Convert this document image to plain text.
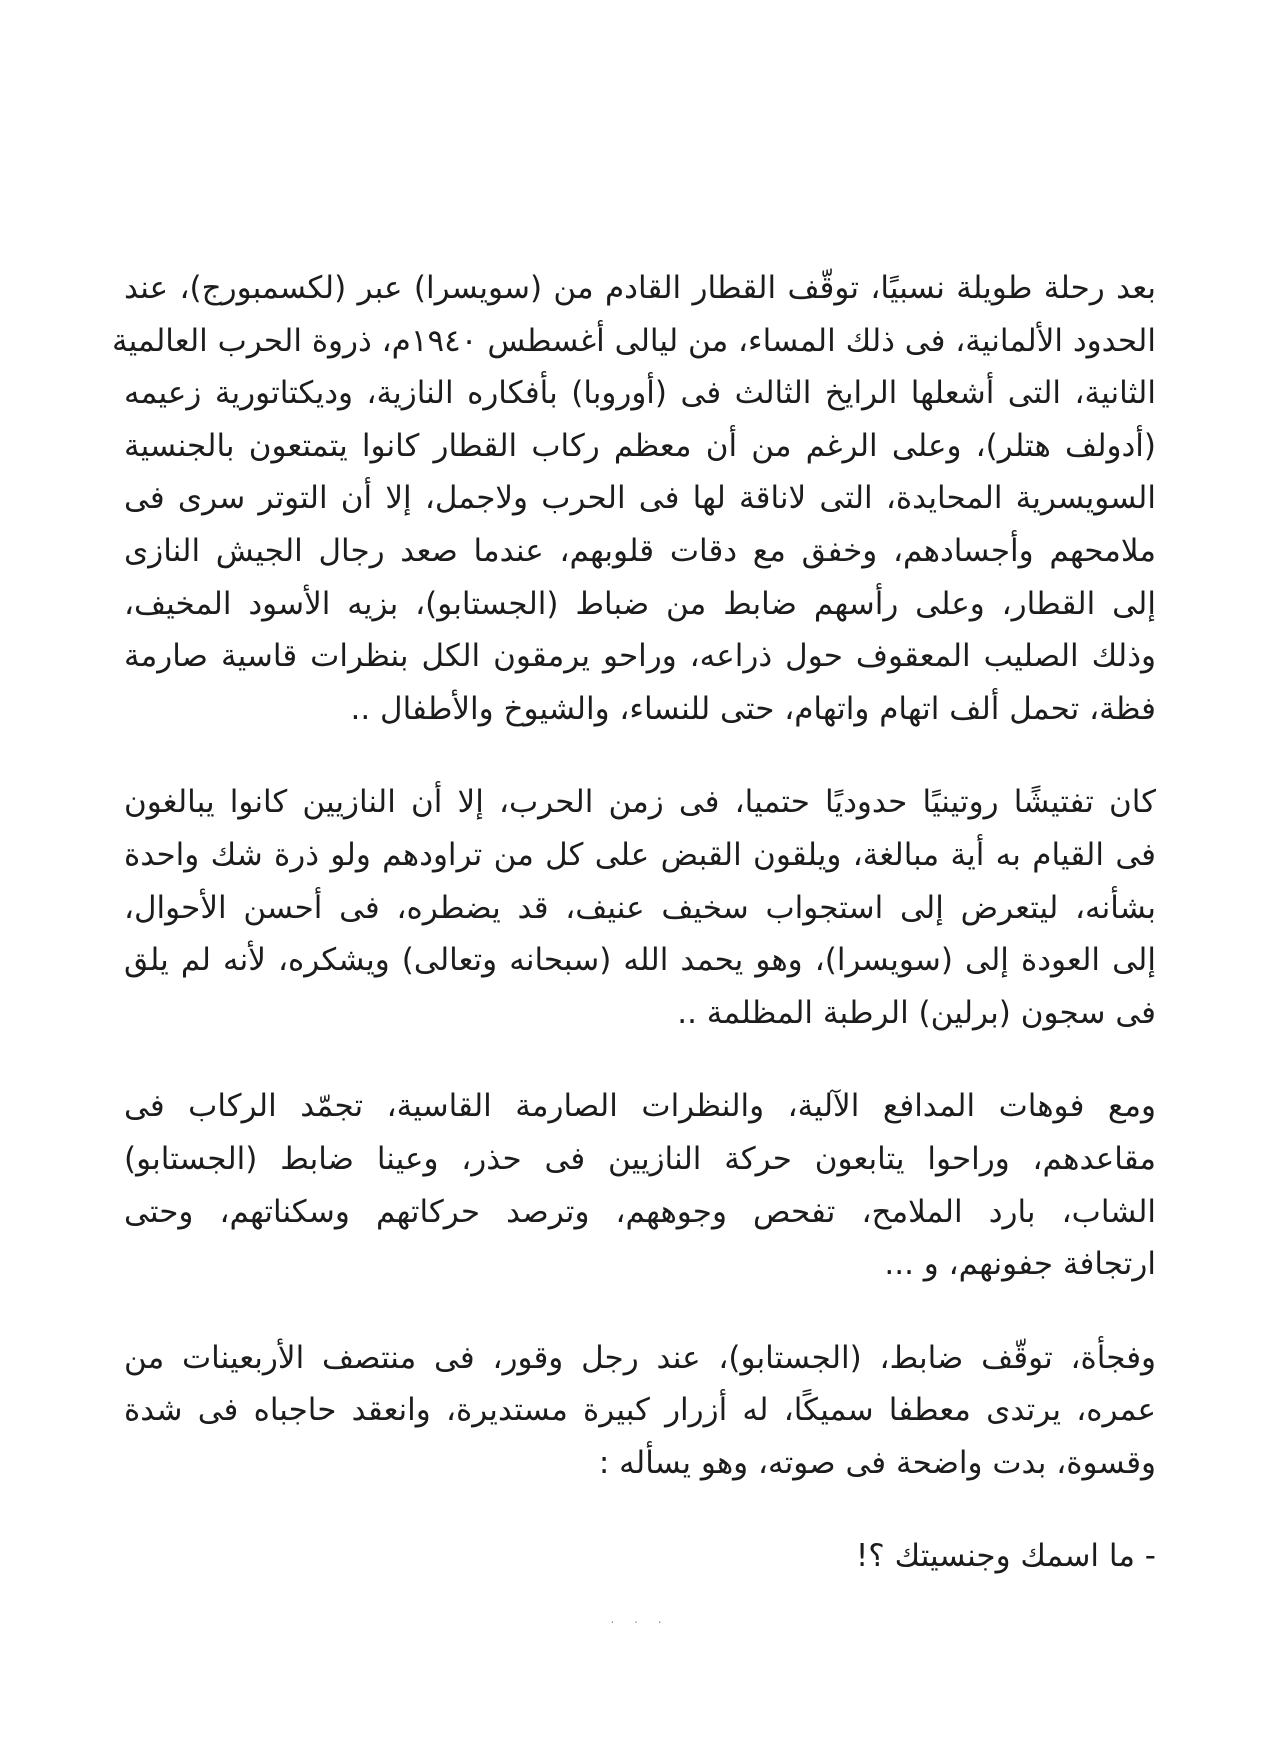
بعد رحلة طويلة نسبيًا، توقّف القطار القادم من (سويسرا) عبر (لكسمبورج)، عند
الحدود الألمانية، فى ذلك المساء، من ليالى أغسطس ١٩٤٠م، ذروة الحرب العالمية
الثانية، التى أشعلها الرايخ الثالث فى (أوروبا) بأفكاره النازية، وديكتاتورية زعيمه
(أدولف هتلر)، وعلى الرغم من أن معظم ركاب القطار كانوا يتمتعون بالجنسية
السويسرية المحايدة، التى لاناقة لها فى الحرب ولاجمل، إلا أن التوتر سرى فى
ملامحهم وأجسادهم، وخفق مع دقات قلوبهم، عندما صعد رجال الجيش النازى
إلى القطار، وعلى رأسهم ضابط من ضباط (الجستابو)، بزيه الأسود المخيف،
وذلك الصليب المعقوف حول ذراعه، وراحو يرمقون الكل بنظرات قاسية صارمة
فظة، تحمل ألف اتهام واتهام، حتى للنساء، والشيوخ والأطفال ..
كان تفتيشًا روتينيًا حدوديًا حتميا، فى زمن الحرب، إلا أن النازيين كانوا يبالغون
فى القيام به أية مبالغة، ويلقون القبض على كل من تراودهم ولو ذرة شك واحدة
بشأنه، ليتعرض إلى استجواب سخيف عنيف، قد يضطره، فى أحسن الأحوال،
إلى العودة إلى (سويسرا)، وهو يحمد الله (سبحانه وتعالى) ويشكره، لأنه لم يلق
فى سجون (برلين) الرطبة المظلمة ..
ومع فوهات المدافع الآلية، والنظرات الصارمة القاسية، تجمّد الركاب فى
مقاعدهم، وراحوا يتابعون حركة النازيين فى حذر، وعينا ضابط (الجستابو)
الشاب، بارد الملامح، تفحص وجوههم، وترصد حركاتهم وسكناتهم، وحتى
ارتجافة جفونهم، و ...
وفجأة، توقّف ضابط، (الجستابو)، عند رجل وقور، فى منتصف الأربعينات من
عمره، يرتدى معطفا سميكًا، له أزرار كبيرة مستديرة، وانعقد حاجباه فى شدة
وقسوة، بدت واضحة فى صوته، وهو يسأله :
- ما اسمك وجنسيتك ؟!
. . .
